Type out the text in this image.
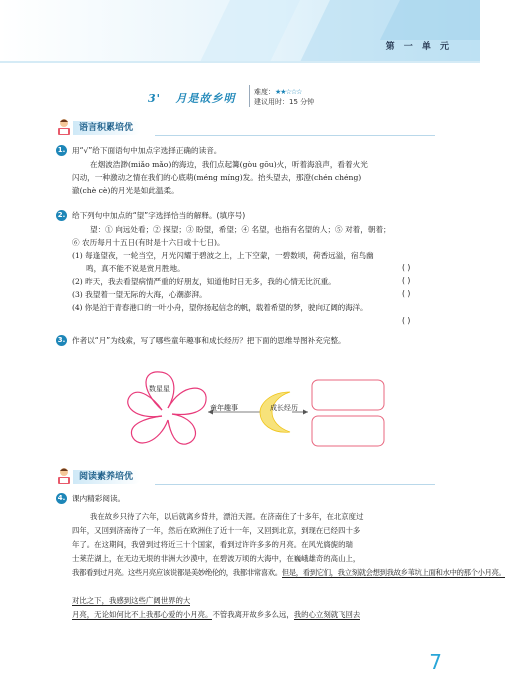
第 一 单 元
3' 月是故乡明	难度：★★☆☆☆
建议用时：15 分钟
语言积累培优
1. 用“√”给下面语句中加点字选择正确的读音。
在烟波浩渺(miǎo mǎo)的海边，我们点起篝(gòu gōu)火，听着海浪声，看着火光
闪动，一种激动之情在我们的心底萌(méng míng)发。抬头望去，那澄(chén chéng)
澈(chè cè)的月光是如此温柔。
2. 给下列句中加点的“望”字选择恰当的解释。(填序号)
望：① 向远处看；② 探望；③ 盼望，希望；④ 名望，也指有名望的人；⑤ 对着，朝着；
⑥ 农历每月十五日(有时是十六日或十七日)。
(1) 每逢望夜，一轮当空，月光闪耀于碧波之上，上下空蒙，一碧数顷，荷香远溢，宿鸟幽
鸣，真不能不说是赏月胜地。	( )
(2) 昨天，我去看望病情严重的好朋友，知道他时日无多，我的心情无比沉重。	( )
(3) 我望着一望无际的大海，心潮澎湃。	( )
(4) 你是泊于青春港口的一叶小舟，望你扬起信念的帆，载着希望的梦，驶向辽阔的海洋。
( )
3. 作者以“月”为线索，写了哪些童年趣事和成长经历？把下面的思维导图补充完整。
数星星
童年趣事	成长经历
阅读素养培优
4. 课内精彩阅读。
我在故乡只待了六年，以后就离乡背井，漂泊天涯。在济南住了十多年，在北京度过
四年，又回到济南待了一年，然后在欧洲住了近十一年，又回到北京，到现在已经四十多
年了。在这期间，我曾到过将近三十个国家，看到过许许多多的月亮。在风光旖旎的瑞
士莱茫湖上，在无边无垠的非洲大沙漠中，在碧波万顷的大海中，在巍峨雄奇的高山上，
我都看到过月亮。这些月亮应该说都是美妙绝伦的，我都非常喜欢。但是，看到它们，我立刻就会想到我故乡苇坑上面和水中的那个小月亮。
对比之下，我感到这些广阔世界的大
月亮，无论如何比不上我那心爱的小月亮。不管我离开故乡多么远，我的心立刻就飞回去
7
